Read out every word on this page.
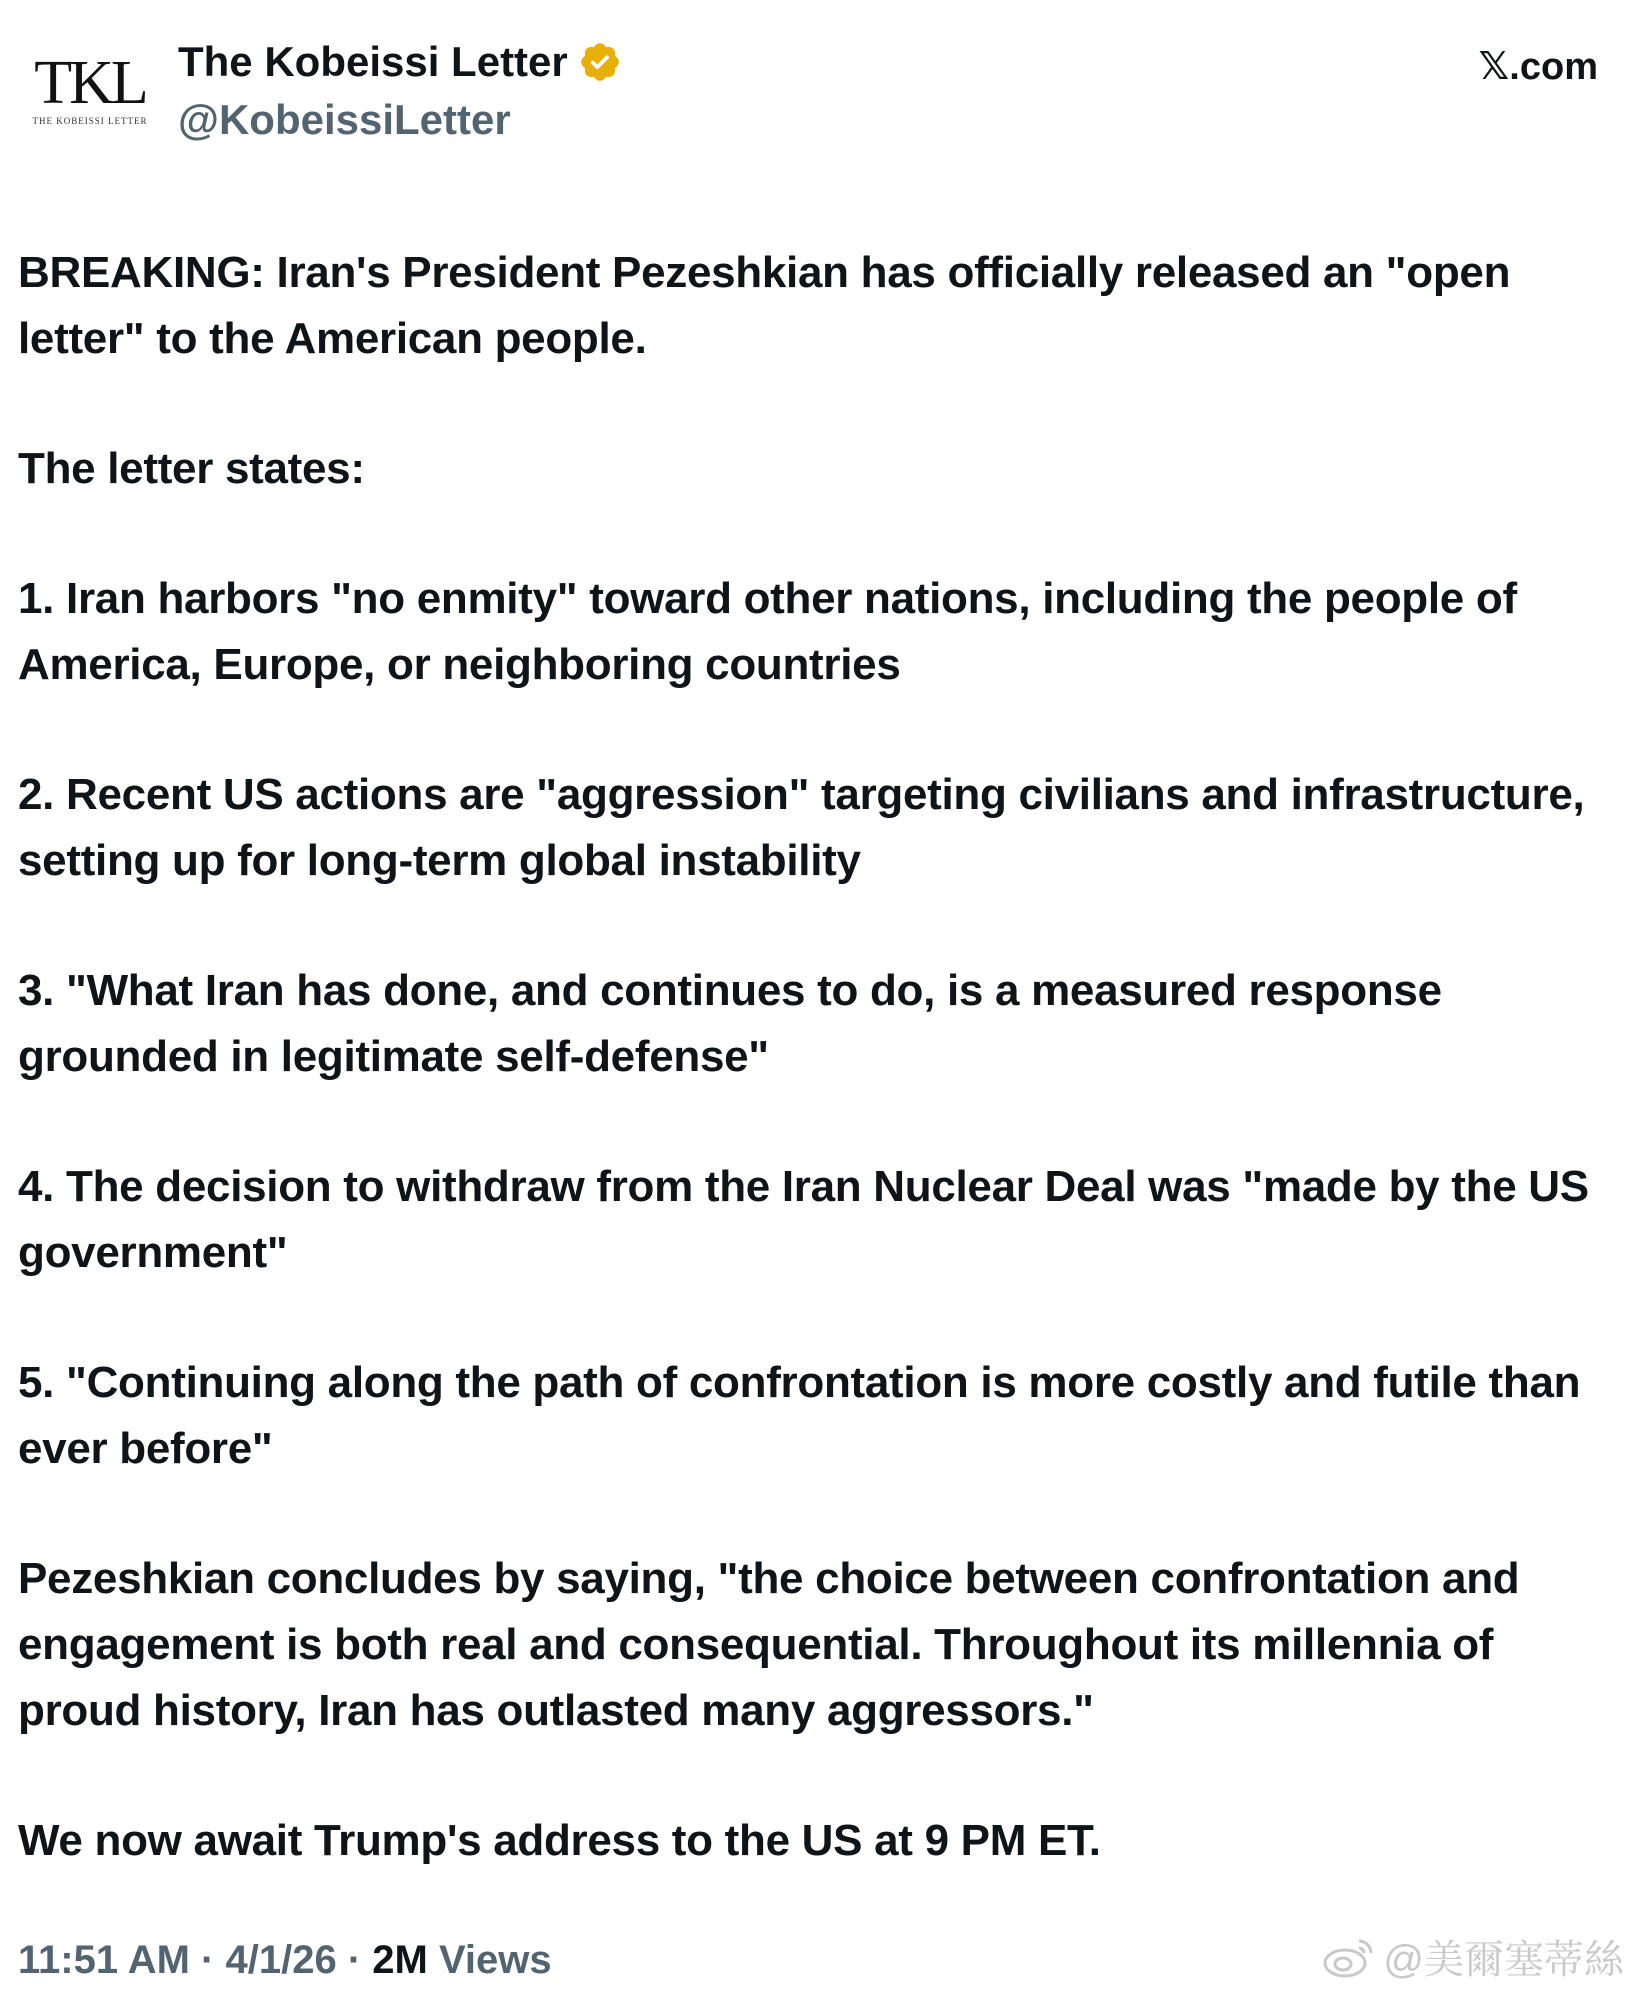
TKL
THE KOBEISSI LETTER
The Kobeissi Letter
@KobeissiLetter
𝕏.com

BREAKING: Iran's President Pezeshkian has officially released an "open letter" to the American people.

The letter states:

1. Iran harbors "no enmity" toward other nations, including the people of America, Europe, or neighboring countries

2. Recent US actions are "aggression" targeting civilians and infrastructure, setting up for long-term global instability

3. "What Iran has done, and continues to do, is a measured response grounded in legitimate self-defense"

4. The decision to withdraw from the Iran Nuclear Deal was "made by the US government"

5. "Continuing along the path of confrontation is more costly and futile than ever before"

Pezeshkian concludes by saying, "the choice between confrontation and engagement is both real and consequential. Throughout its millennia of proud history, Iran has outlasted many aggressors."

We now await Trump's address to the US at 9 PM ET.

11:51 AM · 4/1/26 · 2M Views	@美爾塞蒂絲
